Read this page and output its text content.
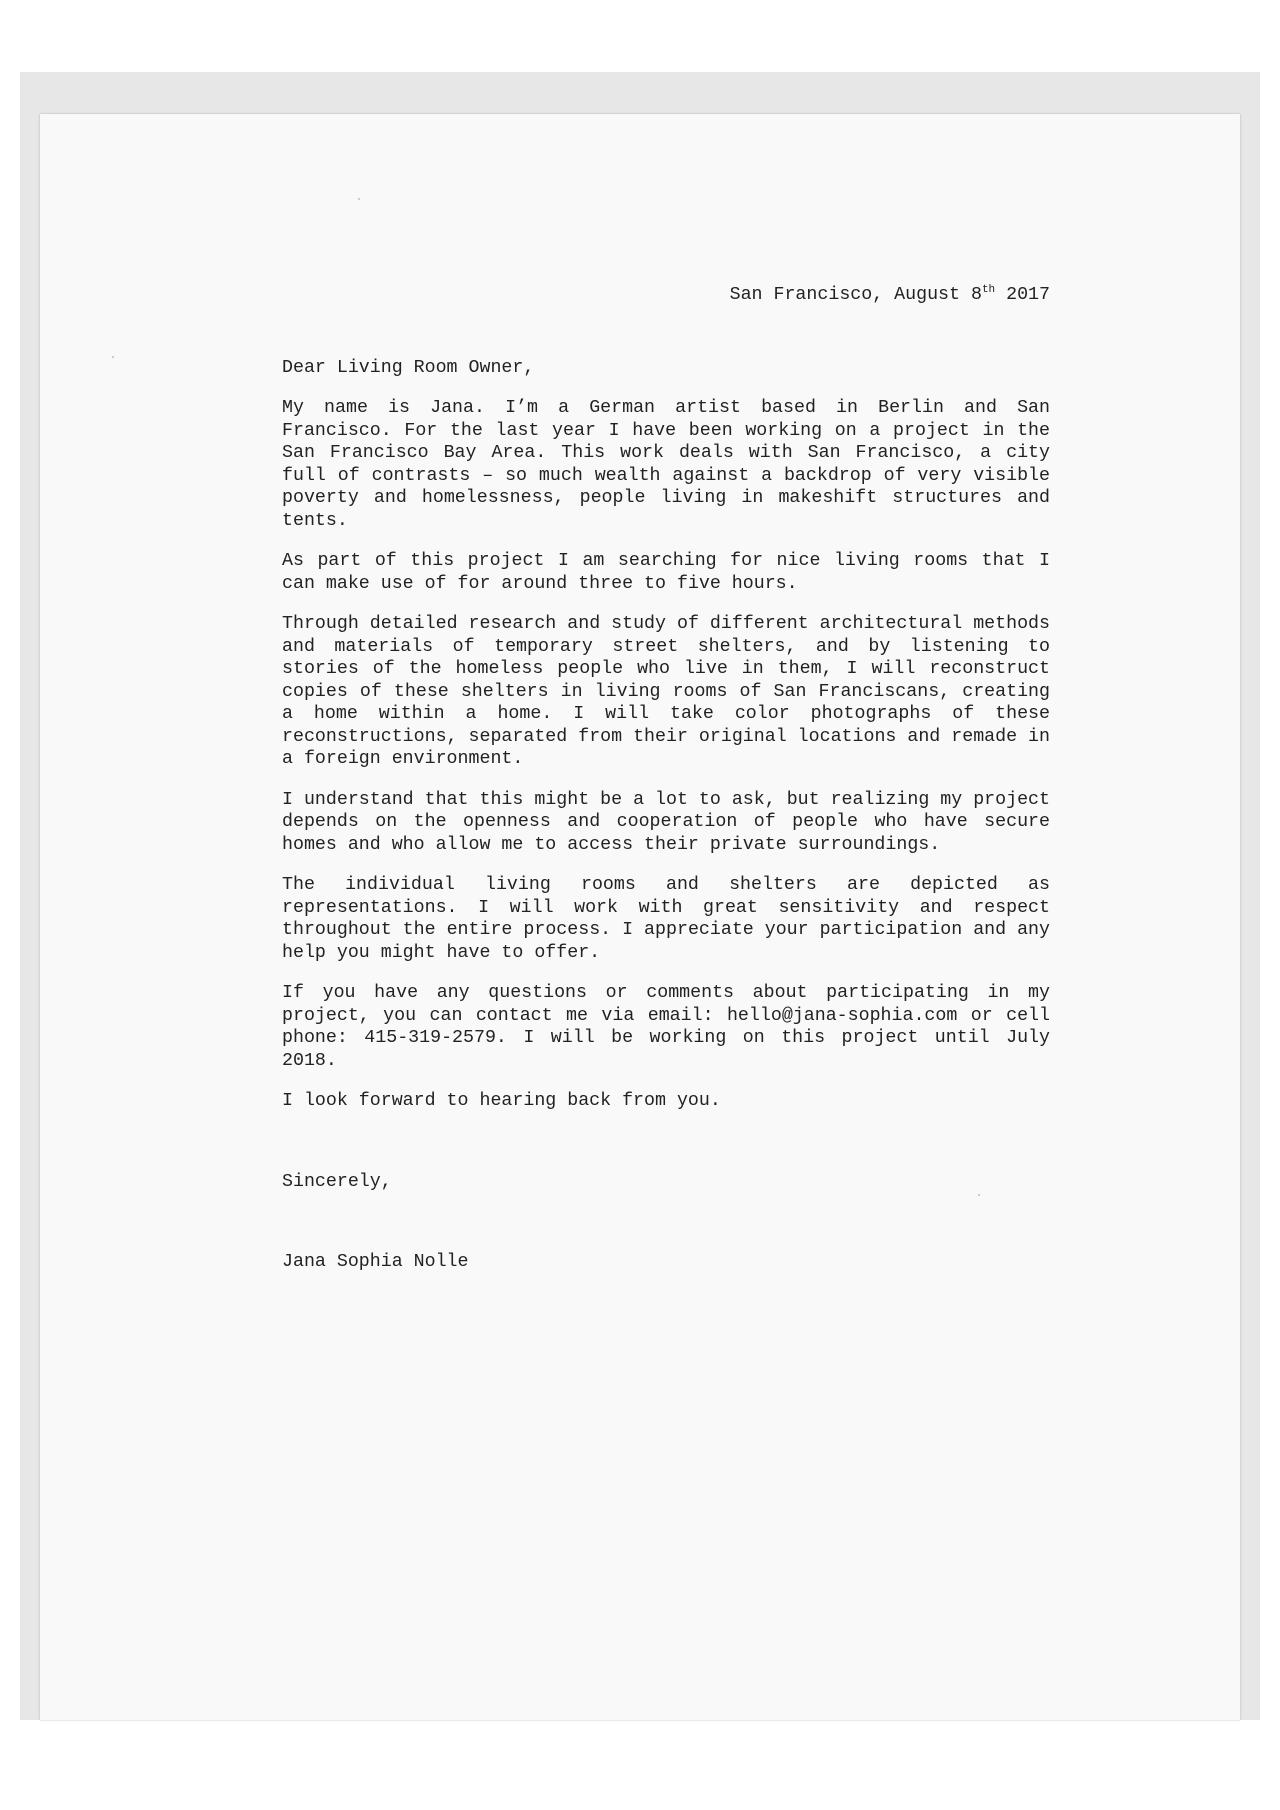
San Francisco, August 8th 2017

Dear Living Room Owner,

My name is Jana. I’m a German artist based in Berlin and San Francisco. For the last year I have been working on a project in the San Francisco Bay Area. This work deals with San Francisco, a city full of contrasts – so much wealth against a backdrop of very visible poverty and homelessness, people living in makeshift structures and tents.

As part of this project I am searching for nice living rooms that I can make use of for around three to five hours.

Through detailed research and study of different architectural methods and materials of temporary street shelters, and by listening to stories of the homeless people who live in them, I will reconstruct copies of these shelters in living rooms of San Franciscans, creating a home within a home. I will take color photographs of these reconstructions, separated from their original locations and remade in a foreign environment.

I understand that this might be a lot to ask, but realizing my project depends on the openness and cooperation of people who have secure homes and who allow me to access their private surroundings.

The individual living rooms and shelters are depicted as representations. I will work with great sensitivity and respect throughout the entire process. I appreciate your participation and any help you might have to offer.

If you have any questions or comments about participating in my project, you can contact me via email: hello@jana-sophia.com or cell phone: 415-319-2579. I will be working on this project until July 2018.

I look forward to hearing back from you.

Sincerely,

Jana Sophia Nolle
